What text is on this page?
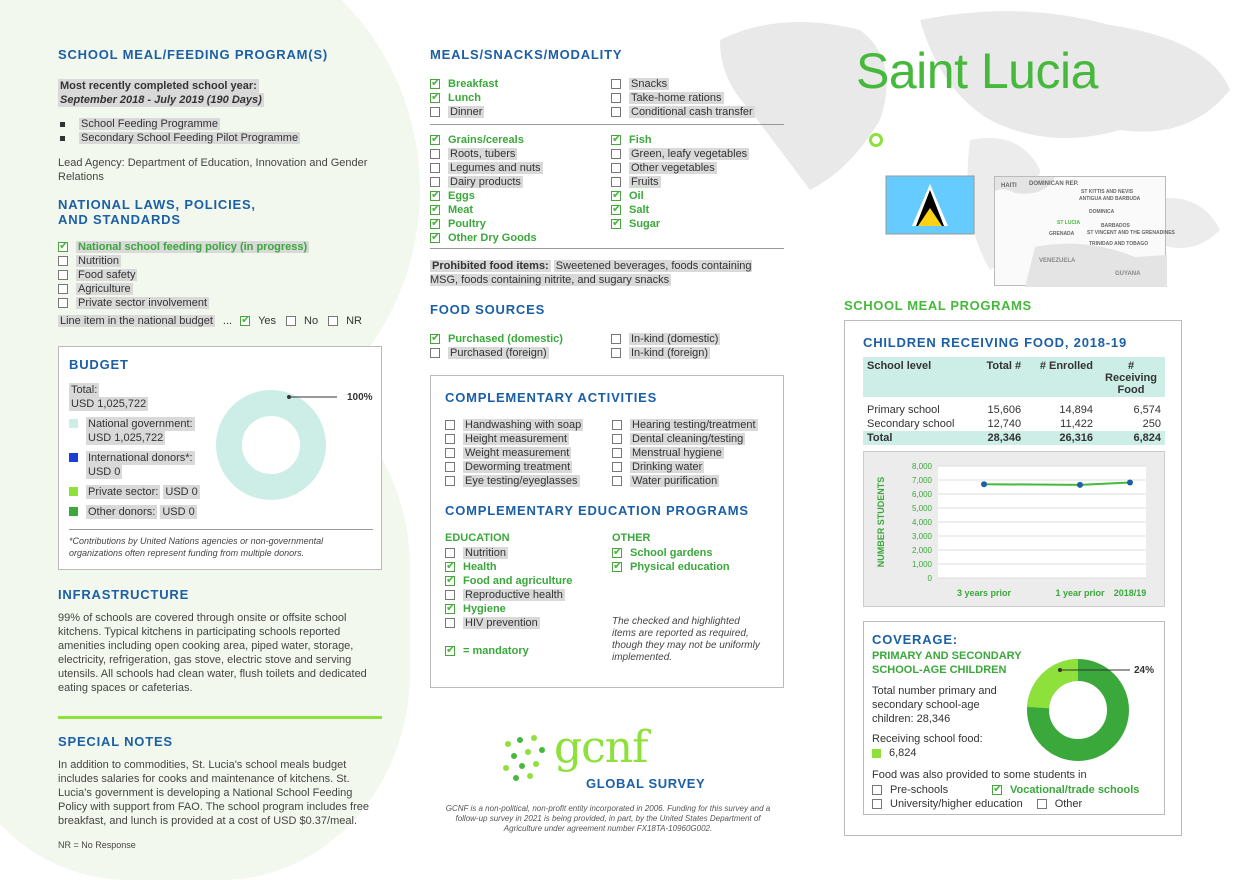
SCHOOL MEAL/FEEDING PROGRAM(S)
Most recently completed school year:
September 2018 - July 2019 (190 Days)
School Feeding Programme
Secondary School Feeding Pilot Programme
Lead Agency: Department of Education, Innovation and Gender Relations
NATIONAL LAWS, POLICIES,
AND STANDARDS
✔
National school feeding policy (in progress)
Nutrition
Food safety
Agriculture
Private sector involvement
Line item in the national budget ... ✔ Yes	No	NR
BUDGET
Total:
USD 1,025,722
National government:
USD 1,025,722
International donors*:
USD 0
Private sector:
USD 0
Other donors:
USD 0
100%
*Contributions by United Nations agencies or non-governmental organizations often represent funding from multiple donors.
INFRASTRUCTURE
99% of schools are covered through onsite or offsite school kitchens. Typical kitchens in participating schools reported amenities including open cooking area, piped water, storage, electricity, refrigeration, gas stove, electric stove and serving utensils. All schools had clean water, flush toilets and dedicated eating spaces or cafeterias.
SPECIAL NOTES
In addition to commodities, St. Lucia's school meals budget includes salaries for cooks and maintenance of kitchens. St. Lucia's government is developing a National School Feeding Policy with support from FAO. The school program includes free breakfast, and lunch is provided at a cost of USD $0.37/meal.
NR = No Response
MEALS/SNACKS/MODALITY
✔
Breakfast
✔
Lunch
Dinner
Snacks
Take-home rations
Conditional cash transfer
✔
Grains/cereals
Roots, tubers
Legumes and nuts
Dairy products
✔
Eggs
✔
Meat
✔
Poultry
✔
Other Dry Goods
✔
Fish
Green, leafy vegetables
Other vegetables
Fruits
✔
Oil
✔
Salt
✔
Sugar
Prohibited food items: Sweetened beverages, foods containing MSG, foods containing nitrite, and sugary snacks
FOOD SOURCES
✔
Purchased (domestic)
Purchased (foreign)
In-kind (domestic)
In-kind (foreign)
COMPLEMENTARY ACTIVITIES
Handwashing with soap
Height measurement
Weight measurement
Deworming treatment
Eye testing/eyeglasses
Hearing testing/treatment
Dental cleaning/testing
Menstrual hygiene
Drinking water
Water purification
COMPLEMENTARY EDUCATION PROGRAMS
EDUCATION
Nutrition
✔
Health
✔
Food and agriculture
Reproductive health
✔
Hygiene
HIV prevention
✔
= mandatory
OTHER
✔
School gardens
✔
Physical education
The checked and highlighted items are reported as required, though they may not be uniformly implemented.
gcnf
GLOBAL SURVEY
GCNF is a non-political, non-profit entity incorporated in 2006. Funding for this survey and a follow-up survey in 2021 is being provided, in part, by the United States Department of Agriculture under agreement number FX18TA-10960G002.
Saint Lucia
HAITI DOMINICAN REP.
ST KITTIS AND NEVIS
ANTIGUA AND BARBUDA
DOMINICA
ST LUCIA
GRENADA
BARBADOS
ST VINCENT AND THE GRENADINES
TRINIDAD AND TOBAGO
VENEZUELA
GUYANA
SCHOOL MEAL PROGRAMS
CHILDREN RECEIVING FOOD, 2018-19
School level	Total #	# Enrolled	# Receiving Food

Primary school	15,606	14,894	6,574
Secondary school	12,740	11,422	250
Total	28,346	26,316	6,824
0
1,000
2,000
3,000
4,000
5,000
6,000
7,000
8,000
3 years prior	1 year prior 2018/19
NUMBER STUDENTS
COVERAGE:
PRIMARY AND SECONDARY
SCHOOL-AGE CHILDREN
Total number primary and secondary school-age children: 28,346
Receiving school food:
6,824
24%
Food was also provided to some students in
Pre-schools ✔	Vocational/trade schools
University/higher education	Other
